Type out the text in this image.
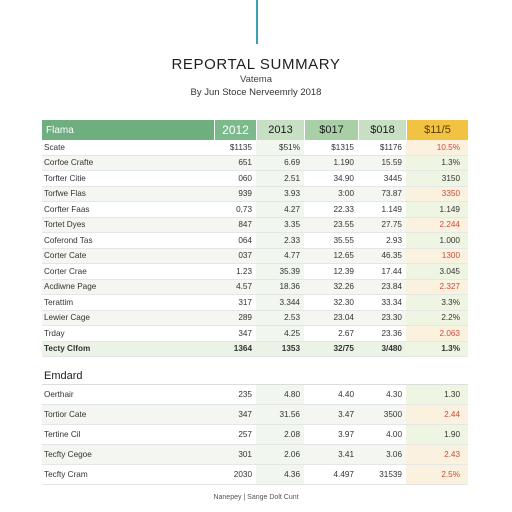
REPORTAL SUMMARY
Vatema
By Jun Stoce Nerveemrly 2018
Flama	2012	2013	$017	$018	$11/5
Scate	$1135	$51%	$1315	$1176	10.5%
Corfoe Crafte	651	6.69	1.190	15.59	1.3%
Torfter Citie	060	2.51	34.90	3445	3150
Torfwe Flas	939	3.93	3:00	73.87	3350
Corfter Faas	0,73	4.27	22.33	1.149	1.149
Tortet Dyes	847	3.35	23.55	27.75	2.244
Coferond Tas	064	2.33	35.55	2.93	1.000
Corter Cate	037	4.77	12.65	46.35	1300
Corter Crae	1.23	35.39	12.39	17.44	3.045
Acdiwne Page	4.57	18.36	32.26	23.84	2.327
Terattim	317	3.344	32.30	33.34	3.3%
Lewier Cage	289	2.53	23.04	23.30	2.2%
Trday	347	4.25	2.67	23.36	2.063
Tecty Clfom	1364	1353	32/75	3/480	1.3%
Emdard
Oerthair	235	4.80	4.40	4.30	1.30
Tortior Cate	347	31.56	3.47	3500	2.44
Tertine Cil	257	2.08	3.97	4.00	1.90
Tecfty Cegoe	301	2.06	3.41	3.06	2.43
Tecfty Cram	2030	4.36	4.497	31539	2.5%
Nanepey | Sange Dolt Cunt
